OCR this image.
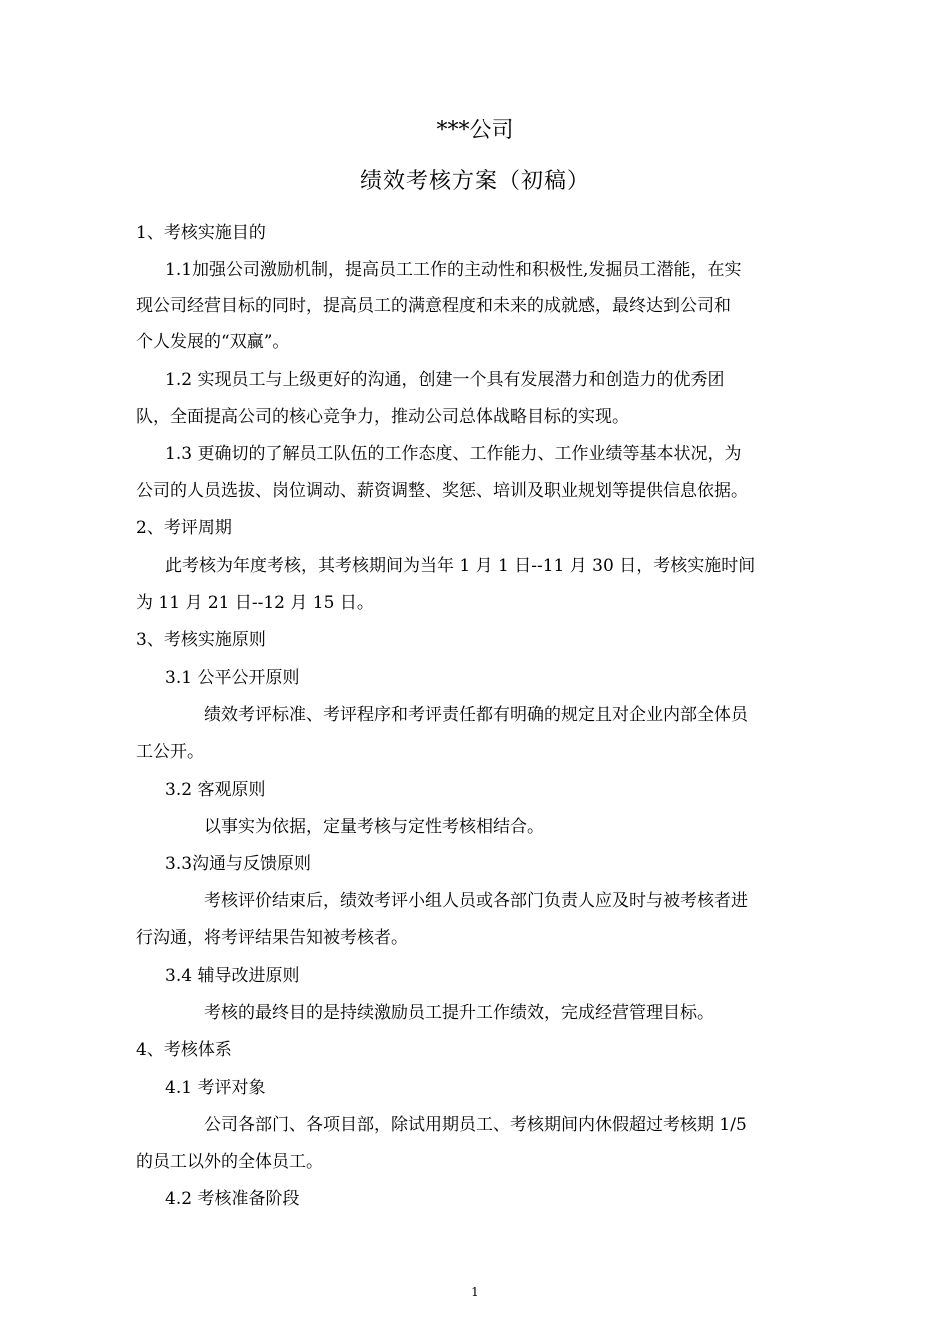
***公司
绩效考核方案（初稿）
1、考核实施目的
1.1加强公司激励机制，提高员工工作的主动性和积极性,发掘员工潜能，在实
现公司经营目标的同时，提高员工的满意程度和未来的成就感，最终达到公司和
个人发展的“双赢”。
1.2 实现员工与上级更好的沟通，创建一个具有发展潜力和创造力的优秀团
队，全面提高公司的核心竞争力，推动公司总体战略目标的实现。
1.3 更确切的了解员工队伍的工作态度、工作能力、工作业绩等基本状况，为
公司的人员选拔、岗位调动、薪资调整、奖惩、培训及职业规划等提供信息依据。
2、考评周期
此考核为年度考核，其考核期间为当年 1 月 1 日--11 月 30 日，考核实施时间
为 11 月 21 日--12 月 15 日。
3、考核实施原则
3.1 公平公开原则
绩效考评标准、考评程序和考评责任都有明确的规定且对企业内部全体员
工公开。
3.2 客观原则
以事实为依据，定量考核与定性考核相结合。
3.3沟通与反馈原则
考核评价结束后，绩效考评小组人员或各部门负责人应及时与被考核者进
行沟通，将考评结果告知被考核者。
3.4 辅导改进原则
考核的最终目的是持续激励员工提升工作绩效，完成经营管理目标。
4、考核体系
4.1 考评对象
公司各部门、各项目部，除试用期员工、考核期间内休假超过考核期 1/5
的员工以外的全体员工。
4.2 考核准备阶段
1
